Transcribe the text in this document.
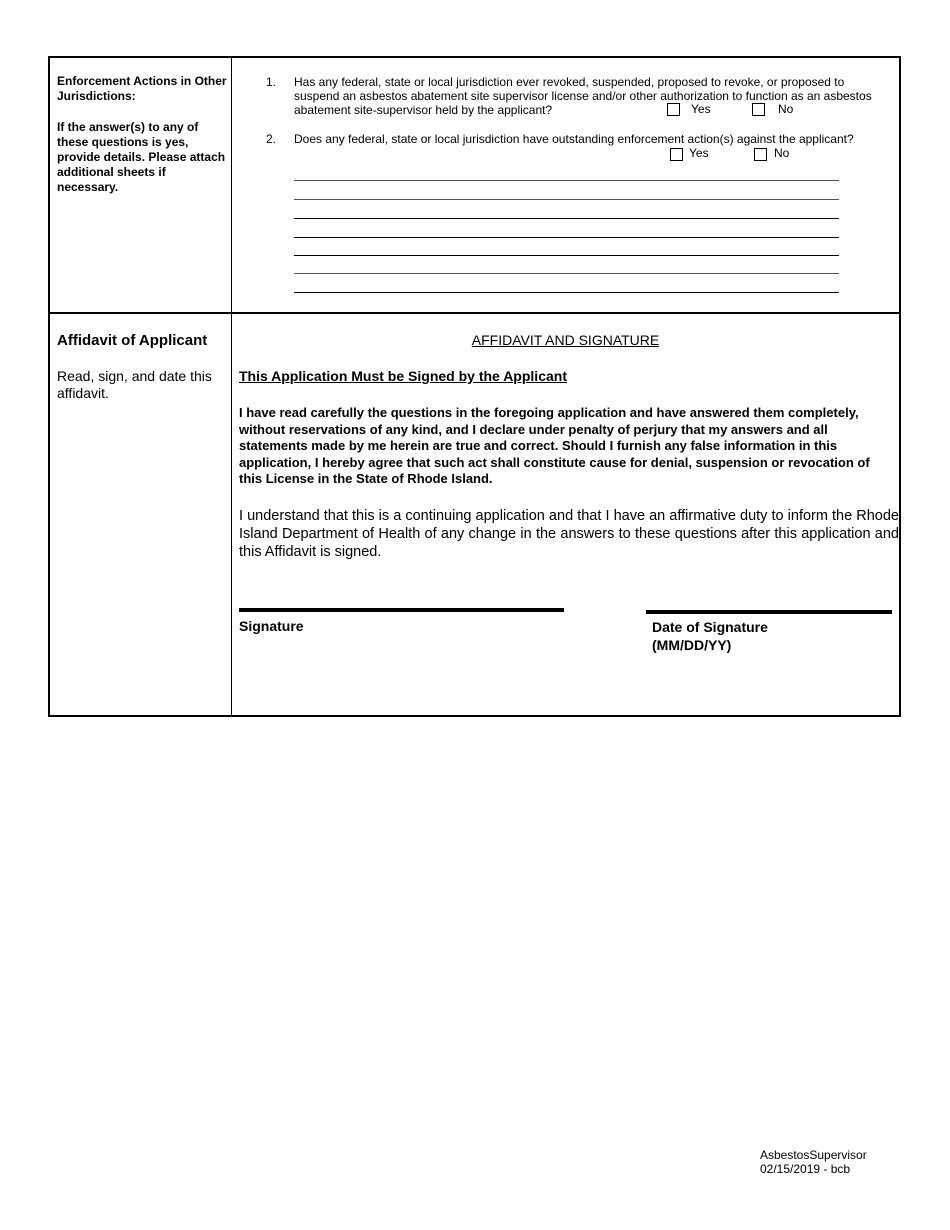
Enforcement Actions in Other Jurisdictions:
If the answer(s) to any of these questions is yes, provide details. Please attach additional sheets if necessary.
1. Has any federal, state or local jurisdiction ever revoked, suspended, proposed to revoke, or proposed to suspend an asbestos abatement site supervisor license and/or other authorization to function as an asbestos abatement site-supervisor held by the applicant?	Yes	No
2. Does any federal, state or local jurisdiction have outstanding enforcement action(s) against the applicant?
Yes	No
Affidavit of Applicant
Read, sign, and date this affidavit.
AFFIDAVIT AND SIGNATURE
This Application Must be Signed by the Applicant
I have read carefully the questions in the foregoing application and have answered them completely, without reservations of any kind, and I declare under penalty of perjury that my answers and all statements made by me herein are true and correct. Should I furnish any false information in this application, I hereby agree that such act shall constitute cause for denial, suspension or revocation of this License in the State of Rhode Island.
I understand that this is a continuing application and that I have an affirmative duty to inform the Rhode Island Department of Health of any change in the answers to these questions after this application and this Affidavit is signed.
Signature	Date of Signature
(MM/DD/YY)
AsbestosSupervisor
02/15/2019 - bcb
